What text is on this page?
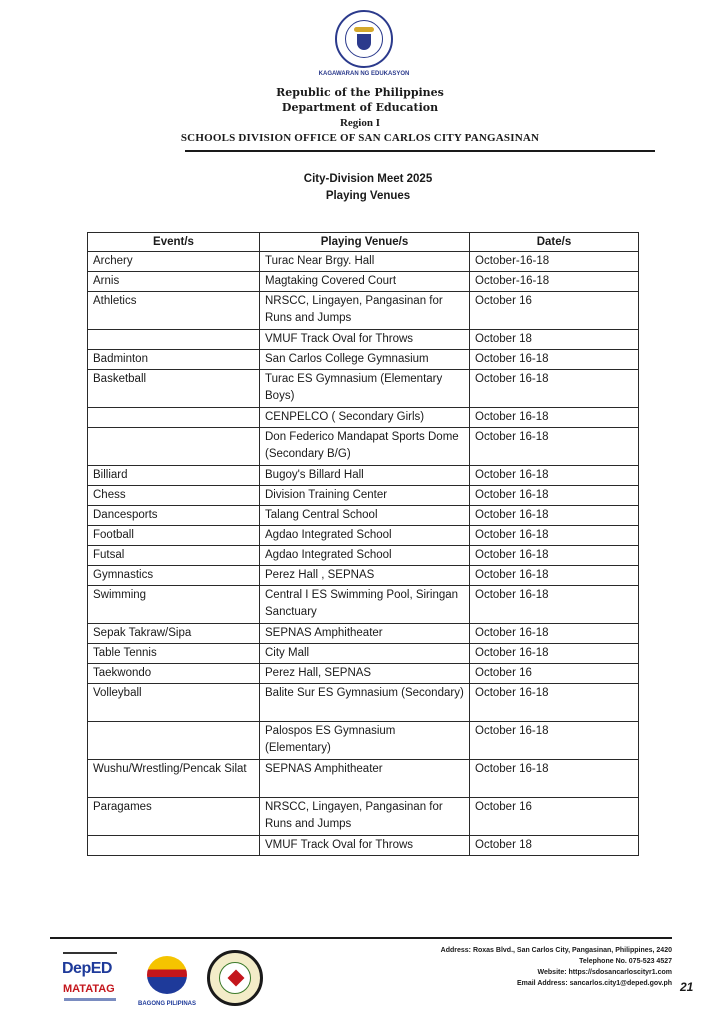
KAGAWARAN NG EDUKASYON
Republic of the Philippines
Department of Education
Region I
SCHOOLS DIVISION OFFICE OF SAN CARLOS CITY PANGASINAN
City-Division Meet 2025
Playing Venues
Event/s	Playing Venue/s	Date/s
Archery	Turac Near Brgy. Hall	October-16-18
Arnis	Magtaking Covered Court	October-16-18
Athletics	NRSCC, Lingayen, Pangasinan for Runs and Jumps	October 16
	VMUF Track Oval for Throws	October 18
Badminton	San Carlos College Gymnasium	October 16-18
Basketball	Turac ES Gymnasium (Elementary Boys)	October 16-18
	CENPELCO ( Secondary Girls)	October 16-18
	Don Federico Mandapat Sports Dome (Secondary B/G)	October 16-18
Billiard	Bugoy's Billard Hall	October 16-18
Chess	Division Training Center	October 16-18
Dancesports	Talang Central School	October 16-18
Football	Agdao Integrated School	October 16-18
Futsal	Agdao Integrated School	October 16-18
Gymnastics	Perez Hall , SEPNAS	October 16-18
Swimming	Central I ES Swimming Pool, Siringan Sanctuary	October 16-18
Sepak Takraw/Sipa	SEPNAS Amphitheater	October 16-18
Table Tennis	City Mall	October 16-18
Taekwondo	Perez Hall, SEPNAS	October 16
Volleyball	Balite Sur ES Gymnasium (Secondary)	October 16-18
	Palospos ES Gymnasium (Elementary)	October 16-18
Wushu/Wrestling/Pencak Silat	SEPNAS Amphitheater	October 16-18
Paragames	NRSCC, Lingayen, Pangasinan for Runs and Jumps	October 16
	VMUF Track Oval for Throws	October 18
DepED
MATATAG
BAGONG PILIPINAS
Address: Roxas Blvd., San Carlos City, Pangasinan, Philippines, 2420
Telephone No. 075-523 4527
Website: https://sdosancarloscityr1.com
Email Address: sancarlos.city1@deped.gov.ph 21
